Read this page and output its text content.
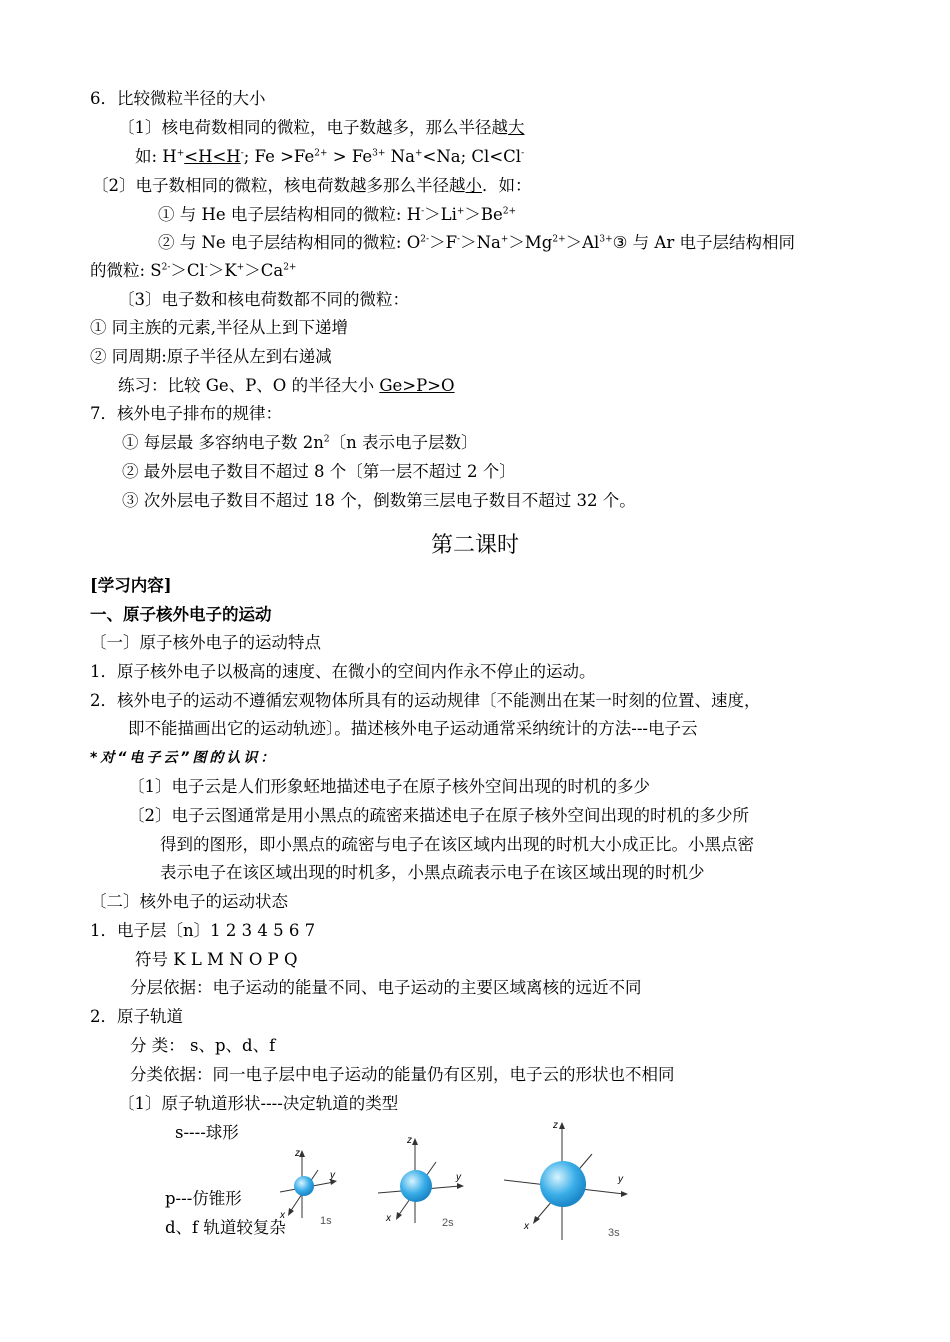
6．比较微粒半径的大小
〔1〕核电荷数相同的微粒，电子数越多，那么半径越大
如: H+<H<H-; $Fe >Fe^{2+} > Fe^{3+}$ Na+<Na; Cl<Cl-
〔2〕电子数相同的微粒，核电荷数越多那么半径越小．如：
① 与 He 电子层结构相同的微粒: $H^->Li^+>Be^{2+}$
② 与 Ne 电子层结构相同的微粒: $O^{2-}>F^->Na^+>Mg^{2+}>Al^{3+}③$ 与 Ar 电子层结构相同
的微粒: $S^{2-}>Cl^->K^+>Ca^{2+}$
〔3〕电子数和核电荷数都不同的微粒：
① 同主族的元素,半径从上到下递增
② 同周期:原子半径从左到右递减
练习：比较 Ge、P、O 的半径大小 Ge>P>O
7．核外电子排布的规律：
① 每层最 多容纳电子数 $2n^2$〔n 表示电子层数〕
② 最外层电子数目不超过 8 个〔第一层不超过 2 个〕
③ 次外层电子数目不超过 18 个，倒数第三层电子数目不超过 32 个。
第二课时
[学习内容]
一、原子核外电子的运动
〔一〕原子核外电子的运动特点
1．原子核外电子以极高的速度、在微小的空间内作永不停止的运动。
2．核外电子的运动不遵循宏观物体所具有的运动规律〔不能测出在某一时刻的位置、速度，
即不能描画出它的运动轨迹〕。描述核外电子运动通常采纳统计的方法---电子云
*对“电子云”图的认识：
〔1〕电子云是人们形象蚽地描述电子在原子核外空间出现的时机的多少
〔2〕电子云图通常是用小黑点的疏密来描述电子在原子核外空间出现的时机的多少所
得到的图形，即小黑点的疏密与电子在该区域内出现的时机大小成正比。小黑点密
表示电子在该区域出现的时机多，小黑点疏表示电子在该区域出现的时机少
〔二〕核外电子的运动状态
1．电子层〔n〕1 2 3 4 5 6 7
符号 K L M N O P Q
分层依据：电子运动的能量不同、电子运动的主要区域离核的远近不同
2．原子轨道
分 类： s、p、d、f
分类依据：同一电子层中电子运动的能量仍有区别，电子云的形状也不相同
〔1〕原子轨道形状----决定轨道的类型
s----球形
p---仿锥形
d、f 轨道较复杂
z
y
x	1s
z
y
x	2s
z
y
x
3s
